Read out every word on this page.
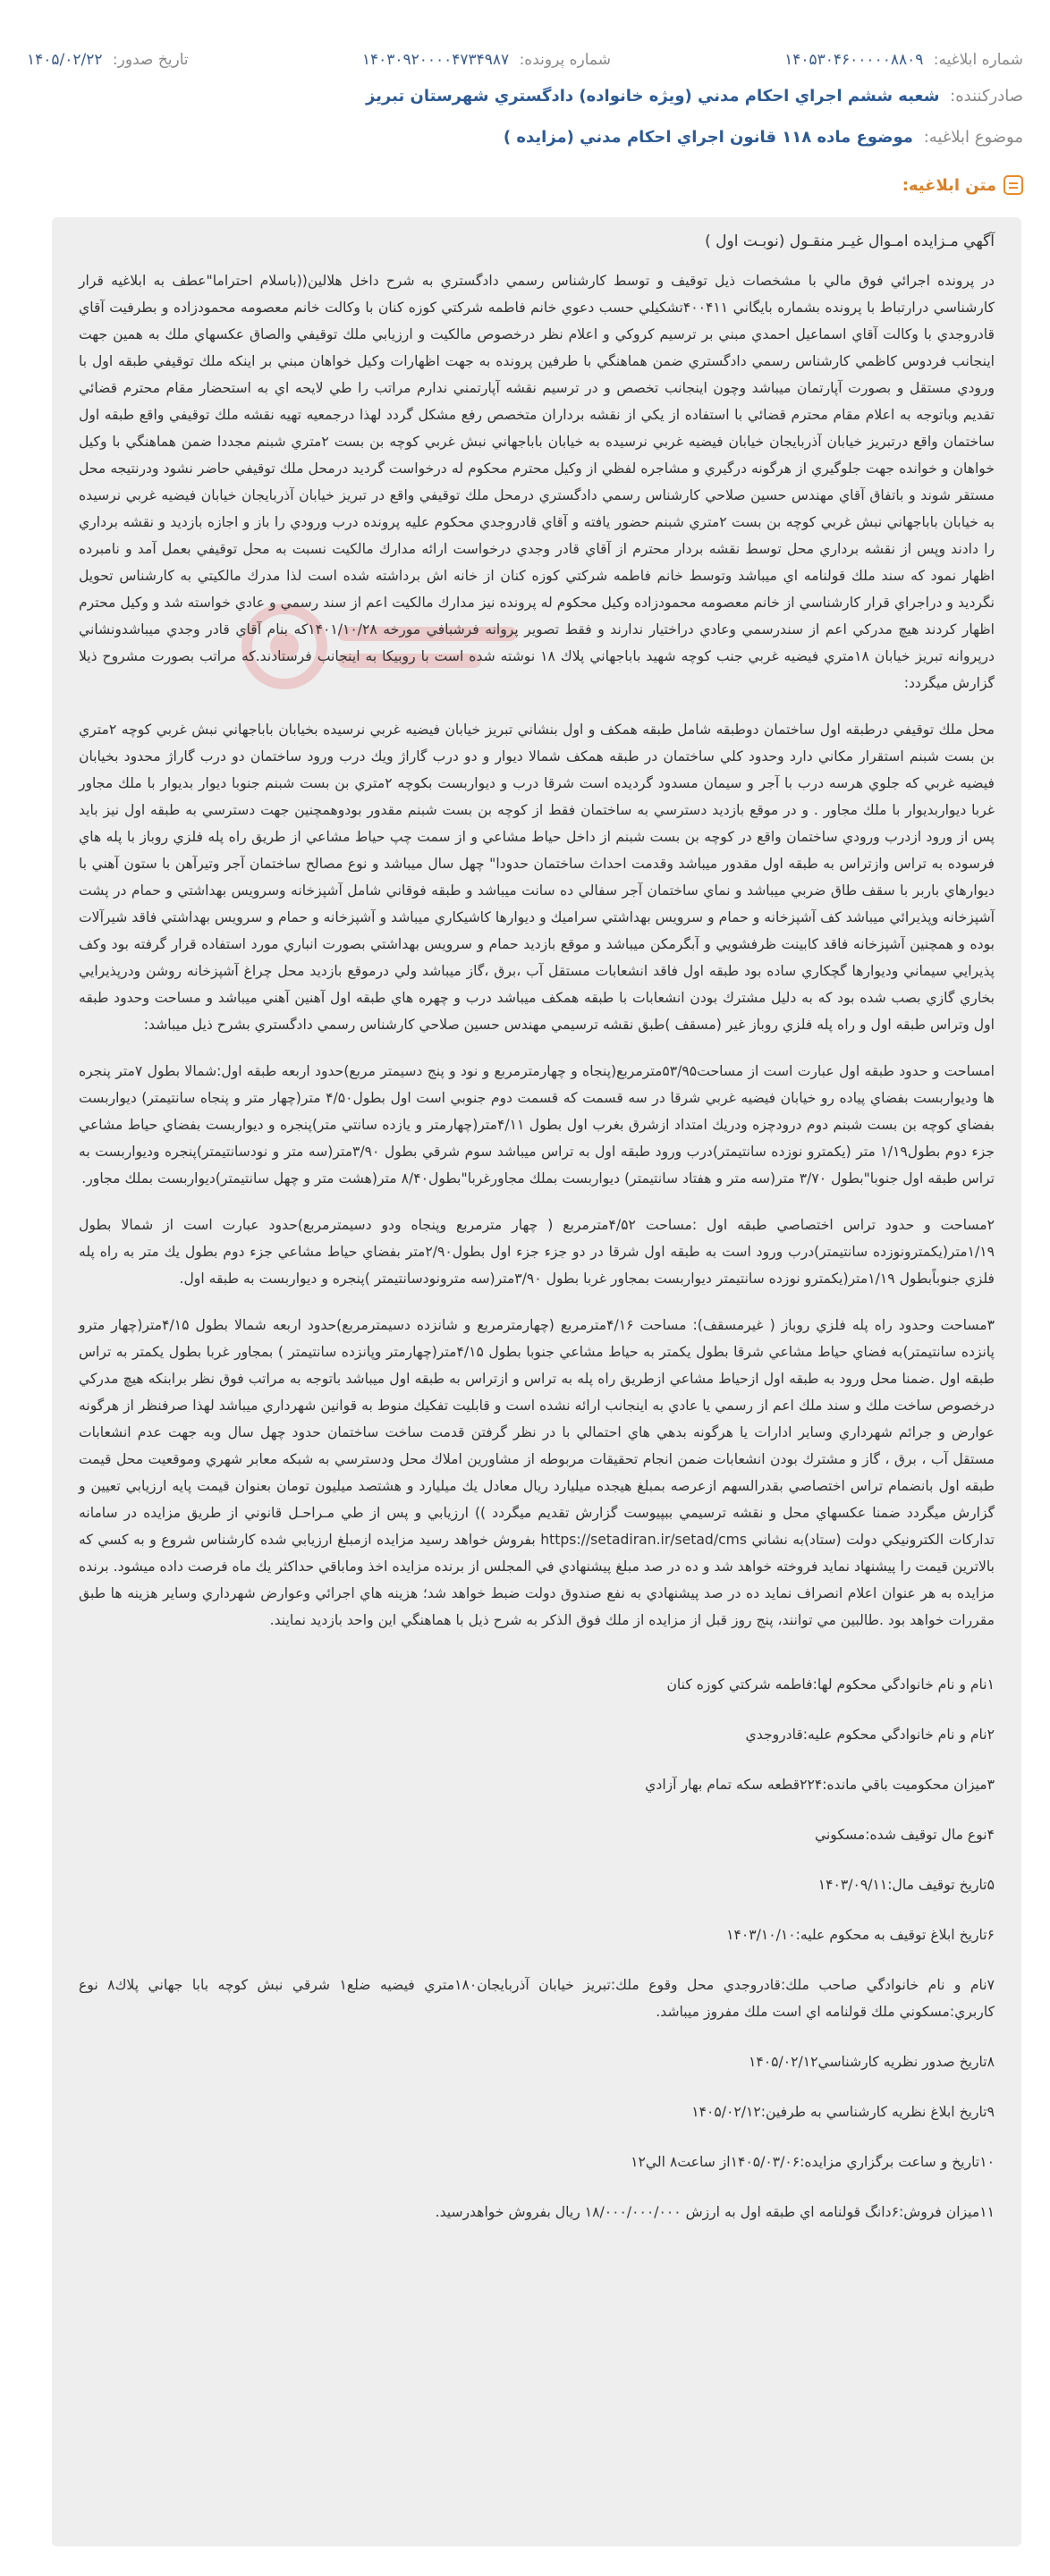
شماره ابلاغيه: ۱۴۰۵۳۰۴۶۰۰۰۰۰۸۸۰۹
شماره پرونده: ۱۴۰۳۰۹۲۰۰۰۰۴۷۳۴۹۸۷
تاريخ صدور: ۱۴۰۵/۰۲/۲۲
صادرکننده: شعبه ششم اجراي احكام مدني (ويژه خانواده) دادگستري شهرستان تبريز
موضوع ابلاغیه: موضوع ماده ۱۱۸ قانون اجراي احكام مدني (مزايده )
متن ابلاغیه:

آگهي مـزايده امـوال غيـر منقـول (نوبـت اول )

در پرونده اجرائي فوق مالي با مشخصات ذيل توقيف و توسط كارشناس رسمي دادگستري به شرح داخل هلالين((باسلام احتراما"عطف به ابلاغيه قرار كارشناسي درارتباط با پرونده بشماره بايگاني ۴۰۰۴۱۱تشكيلي حسب دعوي خانم فاطمه شركتي كوزه كنان با وكالت خانم معصومه محمودزاده و بطرفيت آقاي قادروجدي با وكالت آقاي اسماعيل احمدي مبني بر ترسيم كروكي و اعلام نظر درخصوص مالكيت و ارزيابي ملك توقيفي والصاق عكسهاي ملك به همين جهت اينجانب فردوس كاظمي كارشناس رسمي دادگستري ضمن هماهنگي با طرفين پرونده به جهت اظهارات وكيل خواهان مبني بر اينكه ملك توقيفي طبقه اول با ورودي مستقل و بصورت آپارتمان ميباشد وچون اينجانب تخصص و در ترسيم نقشه آپارتمني ندارم مراتب را طي لايحه اي به استحضار مقام محترم قضائي تقديم وباتوجه به اعلام مقام محترم قضائي با استفاده از يكي از نقشه برداران متخصص رفع مشكل گردد لهذا درجمعيه تهيه نقشه ملك توقيفي واقع طبقه اول ساختمان واقع درتبريز خيابان آذربايجان خيابان فيضيه غربي نرسيده به خيابان باباجهاني نبش غربي كوچه بن بست ۲متري شبنم مجددا ضمن هماهنگي با وكيل خواهان و خوانده جهت جلوگيري از هرگونه درگيري و مشاجره لفظي از وكيل محترم محكوم له درخواست گرديد درمحل ملك توقيفي حاضر نشود ودرنتيجه محل مستقر شوند و باتفاق آقاي مهندس حسين صلاحي كارشناس رسمي دادگستري درمحل ملك توقيفي واقع در تبريز خيابان آذربايجان خيابان فيضيه غربي نرسيده به خيابان باباجهاني نبش غربي كوچه بن بست ۲متري شبنم حضور يافته و آقاي قادروجدي محكوم عليه پرونده درب ورودي را باز و اجازه بازديد و نقشه برداري را دادند وپس از نقشه برداري محل توسط نقشه بردار محترم از آقاي قادر وجدي درخواست ارائه مدارك مالكيت نسبت به محل توقيفي بعمل آمد و نامبرده اظهار نمود كه سند ملك قولنامه اي ميباشد وتوسط خانم فاطمه شركتي كوزه كنان از خانه اش برداشته شده است لذا مدرك مالكيتي به كارشناس تحويل نگرديد و دراجراي قرار كارشناسي از خانم معصومه محمودزاده وكيل محكوم له پرونده نيز مدارك مالكيت اعم از سند رسمي و عادي خواسته شد و وكيل محترم اظهار كردند هيچ مدركي اعم از سندرسمي وعادي دراختيار ندارند و فقط تصوير پروانه فرشبافي مورخه ۱۴۰۱/۱۰/۲۸كه بنام آقاي قادر وجدي ميباشدونشاني درپروانه تبريز خيابان ۱۸متري فيضيه غربي جنب كوچه شهيد باباجهاني پلاك ۱۸ نوشته شده است با روبيكا به اينجانب فرستادند.كه مراتب بصورت مشروح ذيلا گزارش ميگردد:

محل ملك توقيفي درطبقه اول ساختمان دوطبقه شامل طبقه همكف و اول بنشاني تبريز خيابان فيضيه غربي نرسيده بخيابان باباجهاني نبش غربي كوچه ۲متري بن بست شبنم استقرار مكاني دارد وحدود كلي ساختمان در طبقه همكف شمالا ديوار و دو درب گاراژ ويك درب ورود ساختمان دو درب گاراژ محدود بخيابان فيضيه غربي كه جلوي هرسه درب با آجر و سيمان مسدود گرديده است شرقا درب و ديواربست بكوچه ۲متري بن بست شبنم جنوبا ديوار بديوار با ملك مجاور غربا ديواربديوار با ملك مجاور . و در موقع بازديد دسترسي به ساختمان فقط از كوچه بن بست شبنم مقدور بودوهمچنين جهت دسترسي به طبقه اول نيز بايد پس از ورود ازدرب ورودي ساختمان واقع در كوچه بن بست شبنم از داخل حياط مشاعي و از سمت چپ حياط مشاعي از طريق راه پله فلزي روباز با پله هاي فرسوده به تراس وازتراس به طبقه اول مقدور ميباشد وقدمت احداث ساختمان حدودا" چهل سال ميباشد و نوع مصالح ساختمان آجر وتيرآهن با ستون آهني با ديوارهاي باربر با سقف طاق ضربي ميباشد و نماي ساختمان آجر سفالي ده سانت ميباشد و طبقه فوقاني شامل آشپزخانه وسرويس بهداشتي و حمام در پشت آشپزخانه وپذيرائي ميباشد كف آشپزخانه و حمام و سرويس بهداشتي سراميك و ديوارها كاشيكاري ميباشد و آشپزخانه و حمام و سرويس بهداشتي فاقد شيرآلات بوده و همچنين آشپزخانه فاقد كابينت ظرفشويي و آبگرمكن ميباشد و موقع بازديد حمام و سرويس بهداشتي بصورت انباري مورد استفاده قرار گرفته بود وكف پذيرايي سيماني وديوارها گچكاري ساده بود طبقه اول فاقد انشعابات مستقل آب ،برق ،گاز ميباشد ولي درموقع بازديد محل چراغ آشپزخانه روشن ودرپذيرايي بخاري گازي بصب شده بود كه به دليل مشترك بودن انشعابات با طبقه همكف ميباشد درب و چهره هاي طبقه اول آهنين آهني ميباشد و مساحت وحدود طبقه اول وتراس طبقه اول و راه پله فلزي روباز غير (مسقف )طبق نقشه ترسيمي مهندس حسين صلاحي كارشناس رسمي دادگستري بشرح ذيل ميباشد:

امساحت و حدود طبقه اول عبارت است از مساحت۵۳/۹۵مترمربع(پنجاه و چهارمترمربع و نود و پنج دسيمتر مربع)حدود اربعه طبقه اول:شمالا بطول ۷متر پنجره ها وديواربست بفضاي پياده رو خيابان فيضيه غربي شرقا در سه قسمت كه قسمت دوم جنوبي است اول بطول۴/۵۰ متر(چهار متر و پنجاه سانتيمتر) ديواربست بفضاي كوچه بن بست شبنم دوم درودچزه ودريك امتداد ازشرق بغرب اول بطول ۴/۱۱متر(چهارمتر و يازده سانتي متر)پنجره و ديواربست بفضاي حياط مشاعي جزء دوم بطول۱/۱۹ متر (يكمترو نوزده سانتيمتر)درب ورود طبقه اول به تراس ميباشد سوم شرقي بطول ۳/۹۰متر(سه متر و نودسانتيمتر)پنجره وديواربست به تراس طبقه اول جنوبا"بطول ۳/۷۰ متر(سه متر و هفتاد سانتيمتر) ديواربست بملك مجاورغربا"بطول۸/۴۰ متر(هشت متر و چهل سانتيمتر)ديواربست بملك مجاور.

۲مساحت و حدود تراس اختصاصي طبقه اول :مساحت ۴/۵۲مترمربع ( چهار مترمربع وپنجاه ودو دسيمترمربع)حدود عبارت است از شمالا بطول ۱/۱۹متر(يكمترونوزده سانتيمتر)درب ورود است به طبقه اول شرقا در دو جزء جزء اول بطول۲/۹۰متر بفضاي حياط مشاعي جزء دوم بطول يك متر به راه پله فلزي جنوباًبطول ۱/۱۹متر(يكمترو نوزده سانتيمتر ديواربست بمجاور غربا بطول ۳/۹۰متر(سه مترونودسانتيمتر )پنجره و ديواربست به طبقه اول.

۳مساحت وحدود راه پله فلزي روباز ( غيرمسقف): مساحت ۴/۱۶مترمربع (چهارمترمربع و شانزده دسيمترمربع)حدود اربعه شمالا بطول ۴/۱۵متر(چهار مترو پانزده سانتيمتر)به فضاي حياط مشاعي شرقا بطول يكمتر به حياط مشاعي جنوبا بطول ۴/۱۵متر(چهارمتر وپانزده سانتيمتر ) بمجاور غربا بطول يكمتر به تراس طبقه اول .ضمنا محل ورود به طبقه اول ازحياط مشاعي ازطريق راه پله به تراس و ازتراس به طبقه اول ميباشد باتوجه به مراتب فوق نظر برابنكه هيچ مدركي درخصوص ساخت ملك و سند ملك اعم از رسمي يا عادي به اينجانب ارائه نشده است و قابليت تفكيك منوط به قوانين شهرداري ميباشد لهذا صرفنظر از هرگونه عوارض و جرائم شهرداري وساير ادارات يا هرگونه بدهي هاي احتمالي با در نظر گرفتن قدمت ساخت ساختمان حدود چهل سال وبه جهت عدم انشعابات مستقل آب ، برق ، گاز و مشترك بودن انشعابات ضمن انجام تحقيقات مربوطه از مشاورين املاك محل ودسترسي به شبكه معابر شهري وموقعيت محل قيمت طبقه اول بانضمام تراس اختصاصي بقدرالسهم ازعرصه بمبلغ هيجده ميليارد ريال معادل يك ميليارد و هشتصد ميليون تومان بعنوان قيمت پايه ارزيابي تعيين و گزارش ميگردد ضمنا عكسهاي محل و نقشه ترسيمي ببپيوست گزارش تقديم ميگردد )) ارزيابي و پس از طي مـراحـل قانوني از طريق مزايده در سامانه تداركات الكترونيكي دولت (ستاد)به نشاني https://setadiran.ir/setad/cms بفروش خواهد رسيد مزايده ازمبلغ ارزيابي شده كارشناس شروع و به كسي كه بالاترين قيمت را پيشنهاد نمايد فروخته خواهد شد و ده در صد مبلغ پيشنهادي في المجلس از برنده مزايده اخذ وماباقي حداكثر يك ماه فرصت داده ميشود. برنده مزايده به هر عنوان اعلام انصراف نمايد ده در صد پيشنهادي به نفع صندوق دولت ضبط خواهد شد؛ هزينه هاي اجرائي وعوارض شهرداري وساير هزينه ها طبق مقررات خواهد بود .طالبين مي توانند، پنج روز قبل از مزايده از ملك فوق الذكر به شرح ذيل با هماهنگي اين واحد بازديد نمايند.

۱نام و نام خانوادگي محكوم لها:فاطمه شركتي كوزه كنان

۲نام و نام خانوادگي محكوم عليه:قادروجدي

۳ميزان محكوميت باقي مانده:۲۲۴قطعه سكه تمام بهار آزادي

۴نوع مال توقيف شده:مسكوني

۵تاريخ توقيف مال:۱۴۰۳/۰۹/۱۱

۶تاريخ ابلاغ توقيف به محكوم عليه:۱۴۰۳/۱۰/۱۰

۷نام و نام خانوادگي صاحب ملك:قادروجدي محل وقوع ملك:تبريز خيابان آذربايجان۱۸۰متري فيضيه ضلع۱ شرقي نبش كوچه بابا جهاني پلاك۸ نوع كاربري:مسكوني ملك قولنامه اي است ملك مفروز ميباشد.

۸تاريخ صدور نظريه كارشناسي۱۴۰۵/۰۲/۱۲

۹تاريخ ابلاغ نظريه كارشناسي به طرفين:۱۴۰۵/۰۲/۱۲

۱۰تاريخ و ساعت برگزاري مزايده:۱۴۰۵/۰۳/۰۶از ساعت۸ الي۱۲

۱۱ميزان فروش:۶دانگ قولنامه اي طبقه اول به ارزش ۱۸/۰۰۰/۰۰۰/۰۰۰ ريال بفروش خواهدرسيد.
